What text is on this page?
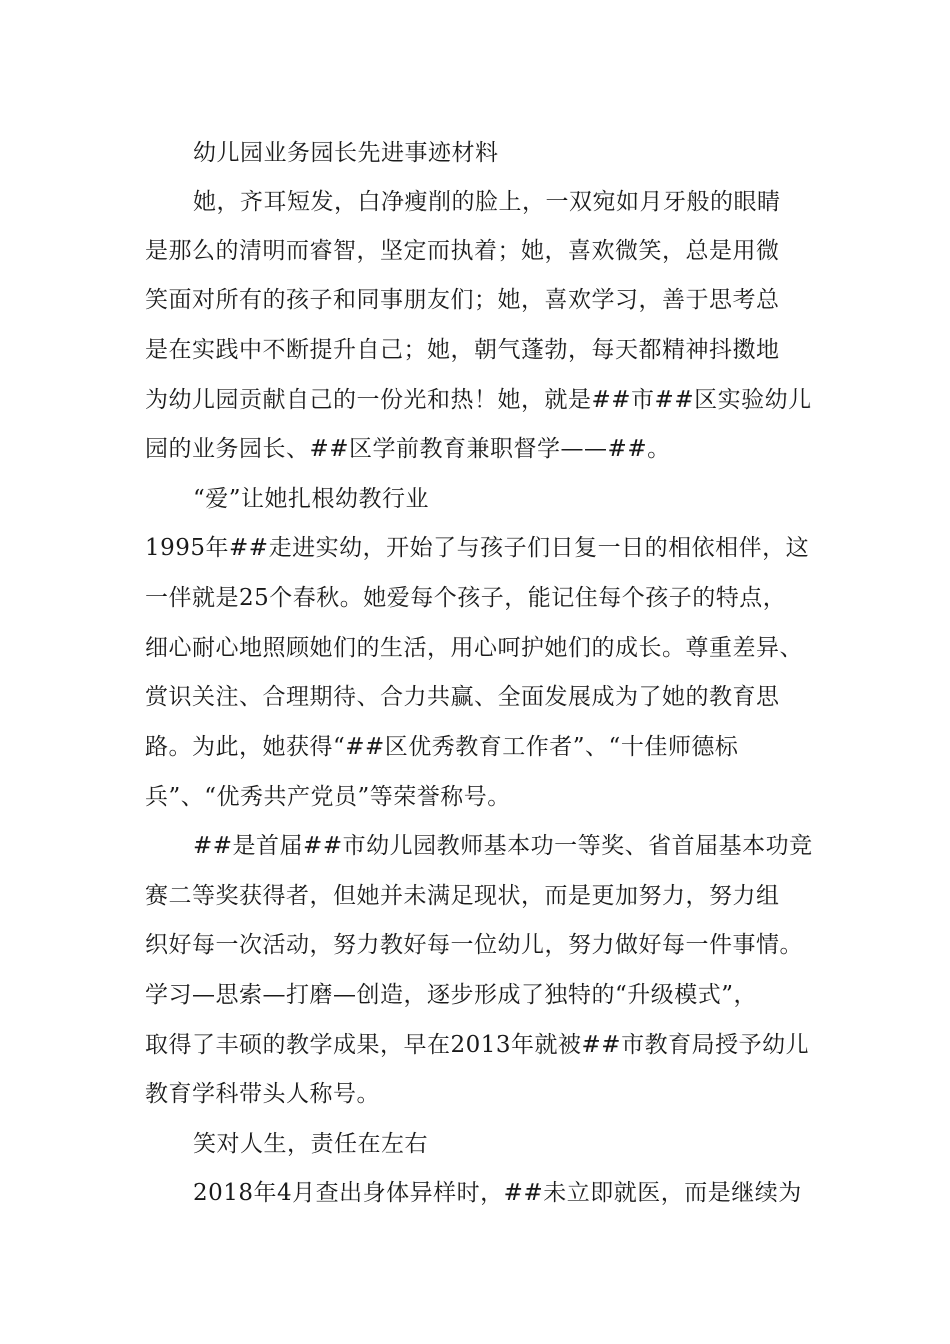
幼儿园业务园长先进事迹材料
她，齐耳短发，白净瘦削的脸上，一双宛如月牙般的眼睛
是那么的清明而睿智，坚定而执着；她，喜欢微笑，总是用微
笑面对所有的孩子和同事朋友们；她，喜欢学习，善于思考总
是在实践中不断提升自己；她，朝气蓬勃，每天都精神抖擞地
为幼儿园贡献自己的一份光和热！她，就是##市##区实验幼儿
园的业务园长、##区学前教育兼职督学——##。
“爱”让她扎根幼教行业
1995年##走进实幼，开始了与孩子们日复一日的相依相伴，这
一伴就是25个春秋。她爱每个孩子，能记住每个孩子的特点，
细心耐心地照顾她们的生活，用心呵护她们的成长。尊重差异、
赏识关注、合理期待、合力共赢、全面发展成为了她的教育思
路。为此，她获得“##区优秀教育工作者”、“十佳师德标
兵”、“优秀共产党员”等荣誉称号。
##是首届##市幼儿园教师基本功一等奖、省首届基本功竞
赛二等奖获得者，但她并未满足现状，而是更加努力，努力组
织好每一次活动，努力教好每一位幼儿，努力做好每一件事情。
学习—思索—打磨—创造，逐步形成了独特的“升级模式”，
取得了丰硕的教学成果，早在2013年就被##市教育局授予幼儿
教育学科带头人称号。
笑对人生，责任在左右
2018年4月查出身体异样时，##未立即就医，而是继续为
